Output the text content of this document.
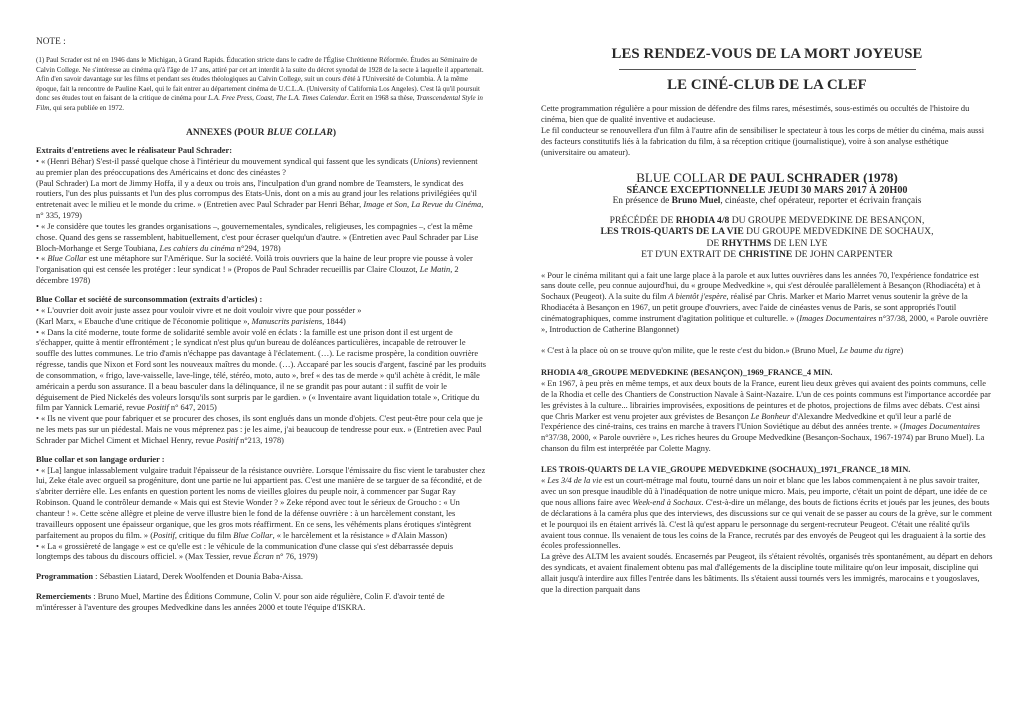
NOTE :

(1) Paul Scrader est né en 1946 dans le Michigan, à Grand Rapids. Éducation stricte dans le cadre de l'Église Chrétienne Réformée. Études au Séminaire de Calvin College. Ne s'intéresse au cinéma qu'à l'âge de 17 ans, attiré par cet art interdit à la suite du décret synodal de 1928 de la secte à laquelle il appartenait. Afin d'en savoir davantage sur les films et pendant ses études théologiques au Calvin College, suit un cours d'été à l'Université de Columbia. À la même époque, fait la rencontre de Pauline Kael, qui le fait entrer au département cinéma de U.C.L.A. (University of California Los Angeles). C'est là qu'il poursuit donc ses études tout en faisant de la critique de cinéma pour L.A. Free Press, Coast, The L.A. Times Calendar. Écrit en 1968 sa thèse, Transcendental Style in Film, qui sera publiée en 1972.

ANNEXES (POUR BLUE COLLAR)

Extraits d'entretiens avec le réalisateur Paul Schrader:

• « (Henri Béhar) S'est-il passé quelque chose à l'intérieur du mouvement syndical qui fassent que les syndicats (Unions) reviennent au premier plan des préoccupations des Américains et donc des cinéastes ?

(Paul Schrader) La mort de Jimmy Hoffa, il y a deux ou trois ans, l'inculpation d'un grand nombre de Teamsters, le syndicat des routiers, l'un des plus puissants et l'un des plus corrompus des Etats-Unis, dont on a mis au grand jour les relations privilégiées qu'il entretenait avec le milieu et le monde du crime. » (Entretien avec Paul Schrader par Henri Béhar, Image et Son, La Revue du Cinéma, n° 335, 1979)

• « Je considère que toutes les grandes organisations –, gouvernementales, syndicales, religieuses, les compagnies –, c'est la même chose. Quand des gens se rassemblent, habituellement, c'est pour écraser quelqu'un d'autre. » (Entretien avec Paul Schrader par Lise Bloch-Morhange et Serge Toubiana, Les cahiers du cinéma n°294, 1978)

• « Blue Collar est une métaphore sur l'Amérique. Sur la société. Voilà trois ouvriers que la haine de leur propre vie pousse à voler l'organisation qui est censée les protéger : leur syndicat ! » (Propos de Paul Schrader recueillis par Claire Clouzot, Le Matin, 2 décembre 1978)

Blue Collar et société de surconsommation (extraits d'articles) :

• « L'ouvrier doit avoir juste assez pour vouloir vivre et ne doit vouloir vivre que pour posséder »

(Karl Marx, « Ebauche d'une critique de l'économie politique », Manuscrits parisiens, 1844)

• « Dans la cité moderne, toute forme de solidarité semble avoir volé en éclats : la famille est une prison dont il est urgent de s'échapper, quitte à mentir effrontément ; le syndicat n'est plus qu'un bureau de doléances particulières, incapable de retrouver le souffle des luttes communes. Le trio d'amis n'échappe pas davantage à l'éclatement. (…). Le racisme prospère, la condition ouvrière régresse, tandis que Nixon et Ford sont les nouveaux maîtres du monde. (…). Accaparé par les soucis d'argent, fasciné par les produits de consommation, « frigo, lave-vaisselle, lave-linge, télé, stéréo, moto, auto », bref « des tas de merde » qu'il achète à crédit, le mâle américain a perdu son assurance. Il a beau basculer dans la délinquance, il ne se grandit pas pour autant : il suffit de voir le déguisement de Pied Nickelés des voleurs lorsqu'ils sont surpris par le gardien. » (« Inventaire avant liquidation totale », Critique du film par Yannick Lemarié, revue Positif n° 647, 2015)

• « Ils ne vivent que pour fabriquer et se procurer des choses, ils sont englués dans un monde d'objets. C'est peut-être pour cela que je ne les mets pas sur un piédestal. Mais ne vous méprenez pas : je les aime, j'ai beaucoup de tendresse pour eux. » (Entretien avec Paul Schrader par Michel Ciment et Michael Henry, revue Positif n°213, 1978)

Blue collar et son langage ordurier :

• « [La] langue inlassablement vulgaire traduit l'épaisseur de la résistance ouvrière. Lorsque l'émissaire du fisc vient le tarabuster chez lui, Zeke étale avec orgueil sa progéniture, dont une partie ne lui appartient pas. C'est une manière de se targuer de sa fécondité, et de s'abriter derrière elle. Les enfants en question portent les noms de vieilles gloires du peuple noir, à commencer par Sugar Ray Robinson. Quand le contrôleur demande « Mais qui est Stevie Wonder ? » Zeke répond avec tout le sérieux de Groucho : « Un chanteur ! ». Cette scène allègre et pleine de verve illustre bien le fond de la défense ouvrière : à un harcèlement constant, les travailleurs opposent une épaisseur organique, que les gros mots réaffirment. En ce sens, les véhéments plans érotiques s'intègrent parfaitement au propos du film. » (Positif, critique du film Blue Collar, « le harcèlement et la résistance » d'Alain Masson)

• « La « grossièreté de langage » est ce qu'elle est : le véhicule de la communication d'une classe qui s'est débarrassée depuis longtemps des tabous du discours officiel. » (Max Tessier, revue Écran n° 76, 1979)

Programmation : Sébastien Liatard, Derek Woolfenden et Dounia Baba-Aissa.

Remerciements : Bruno Muel, Martine des Éditions Commune, Colin V. pour son aide régulière, Colin F. d'avoir tenté de m'intéresser à l'aventure des groupes Medvedkine dans les années 2000 et toute l'équipe d'ISKRA.

LES RENDEZ-VOUS DE LA MORT JOYEUSE

LE CINÉ-CLUB DE LA CLEF

Cette programmation régulière a pour mission de défendre des films rares, mésestimés, sous-estimés ou occultés de l'histoire du cinéma, bien que de qualité inventive et audacieuse.

Le fil conducteur se renouvellera d'un film à l'autre afin de sensibiliser le spectateur à tous les corps de métier du cinéma, mais aussi des facteurs constitutifs liés à la fabrication du film, à sa réception critique (journalistique), voire à son analyse esthétique (universitaire ou amateur).

BLUE COLLAR DE PAUL SCHRADER (1978)

SÉANCE EXCEPTIONNELLE JEUDI 30 MARS 2017 À 20H00

En présence de Bruno Muel, cinéaste, chef opérateur, reporter et écrivain français

PRÉCÉDÉE DE RHODIA 4/8 DU GROUPE MEDVEDKINE DE BESANÇON,

LES TROIS-QUARTS DE LA VIE DU GROUPE MEDVEDKINE DE SOCHAUX,

DE RHYTHMS DE LEN LYE

ET D'UN EXTRAIT DE CHRISTINE DE JOHN CARPENTER

« Pour le cinéma militant qui a fait une large place à la parole et aux luttes ouvrières dans les années 70, l'expérience fondatrice est sans doute celle, peu connue aujourd'hui, du « groupe Medvedkine », qui s'est déroulée parallèlement à Besançon (Rhodiacéta) et à Sochaux (Peugeot). A la suite du film A bientôt j'espère, réalisé par Chris. Marker et Mario Marret venus soutenir la grève de la Rhodiacéta à Besançon en 1967, un petit groupe d'ouvriers, avec l'aide de cinéastes venus de Paris, se sont appropriés l'outil cinématographiques, comme instrument d'agitation politique et culturelle. » (Images Documentaires n°37/38, 2000, « Parole ouvrière », Introduction de Catherine Blangonnet)

« C'est à la place où on se trouve qu'on milite, que le reste c'est du bidon.» (Bruno Muel, Le baume du tigre)

RHODIA 4/8_GROUPE MEDVEDKINE (BESANÇON)_1969_FRANCE_4 MIN.

« En 1967, à peu près en même temps, et aux deux bouts de la France, eurent lieu deux grèves qui avaient des points communs, celle de la Rhodia et celle des Chantiers de Construction Navale à Saint-Nazaire. L'un de ces points communs est l'importance accordée par les grévistes à la culture... librairies improvisées, expositions de peintures et de photos, projections de films avec débats. C'est ainsi que Chris Marker est venu projeter aux grévistes de Besançon Le Bonheur d'Alexandre Medvedkine et qu'il leur a parlé de l'expérience des ciné-trains, ces trains en marche à travers l'Union Soviétique au début des années trente. » (Images Documentaires n°37/38, 2000, « Parole ouvrière », Les riches heures du Groupe Medvedkine (Besançon-Sochaux, 1967-1974) par Bruno Muel). La chanson du film est interprétée par Colette Magny.

LES TROIS-QUARTS DE LA VIE_GROUPE MEDVEDKINE (SOCHAUX)_1971_FRANCE_18 MIN.

« Les 3/4 de la vie est un court-métrage mal foutu, tourné dans un noir et blanc que les labos commençaient à ne plus savoir traiter, avec un son presque inaudible dû à l'inadéquation de notre unique micro. Mais, peu importe, c'était un point de départ, une idée de ce que nous allions faire avec Week-end à Sochaux. C'est-à-dire un mélange, des bouts de fictions écrits et joués par les jeunes, des bouts de déclarations à la caméra plus que des interviews, des discussions sur ce qui venait de se passer au cours de la grève, sur le comment et le pourquoi ils en étaient arrivés là. C'est là qu'est apparu le personnage du sergent-recruteur Peugeot. C'était une réalité qu'ils avaient tous connue. Ils venaient de tous les coins de la France, recrutés par des envoyés de Peugeot qui les draguaient à la sortie des écoles professionnelles.

La grève des ALTM les avaient soudés. Encasernés par Peugeot, ils s'étaient révoltés, organisés très spontanément, au départ en dehors des syndicats, et avaient finalement obtenu pas mal d'allégements de la discipline toute militaire qu'on leur imposait, discipline qui allait jusqu'à interdire aux filles l'entrée dans les bâtiments. Ils s'étaient aussi tournés vers les immigrés, marocains e t yougoslaves, que la direction parquait dans
